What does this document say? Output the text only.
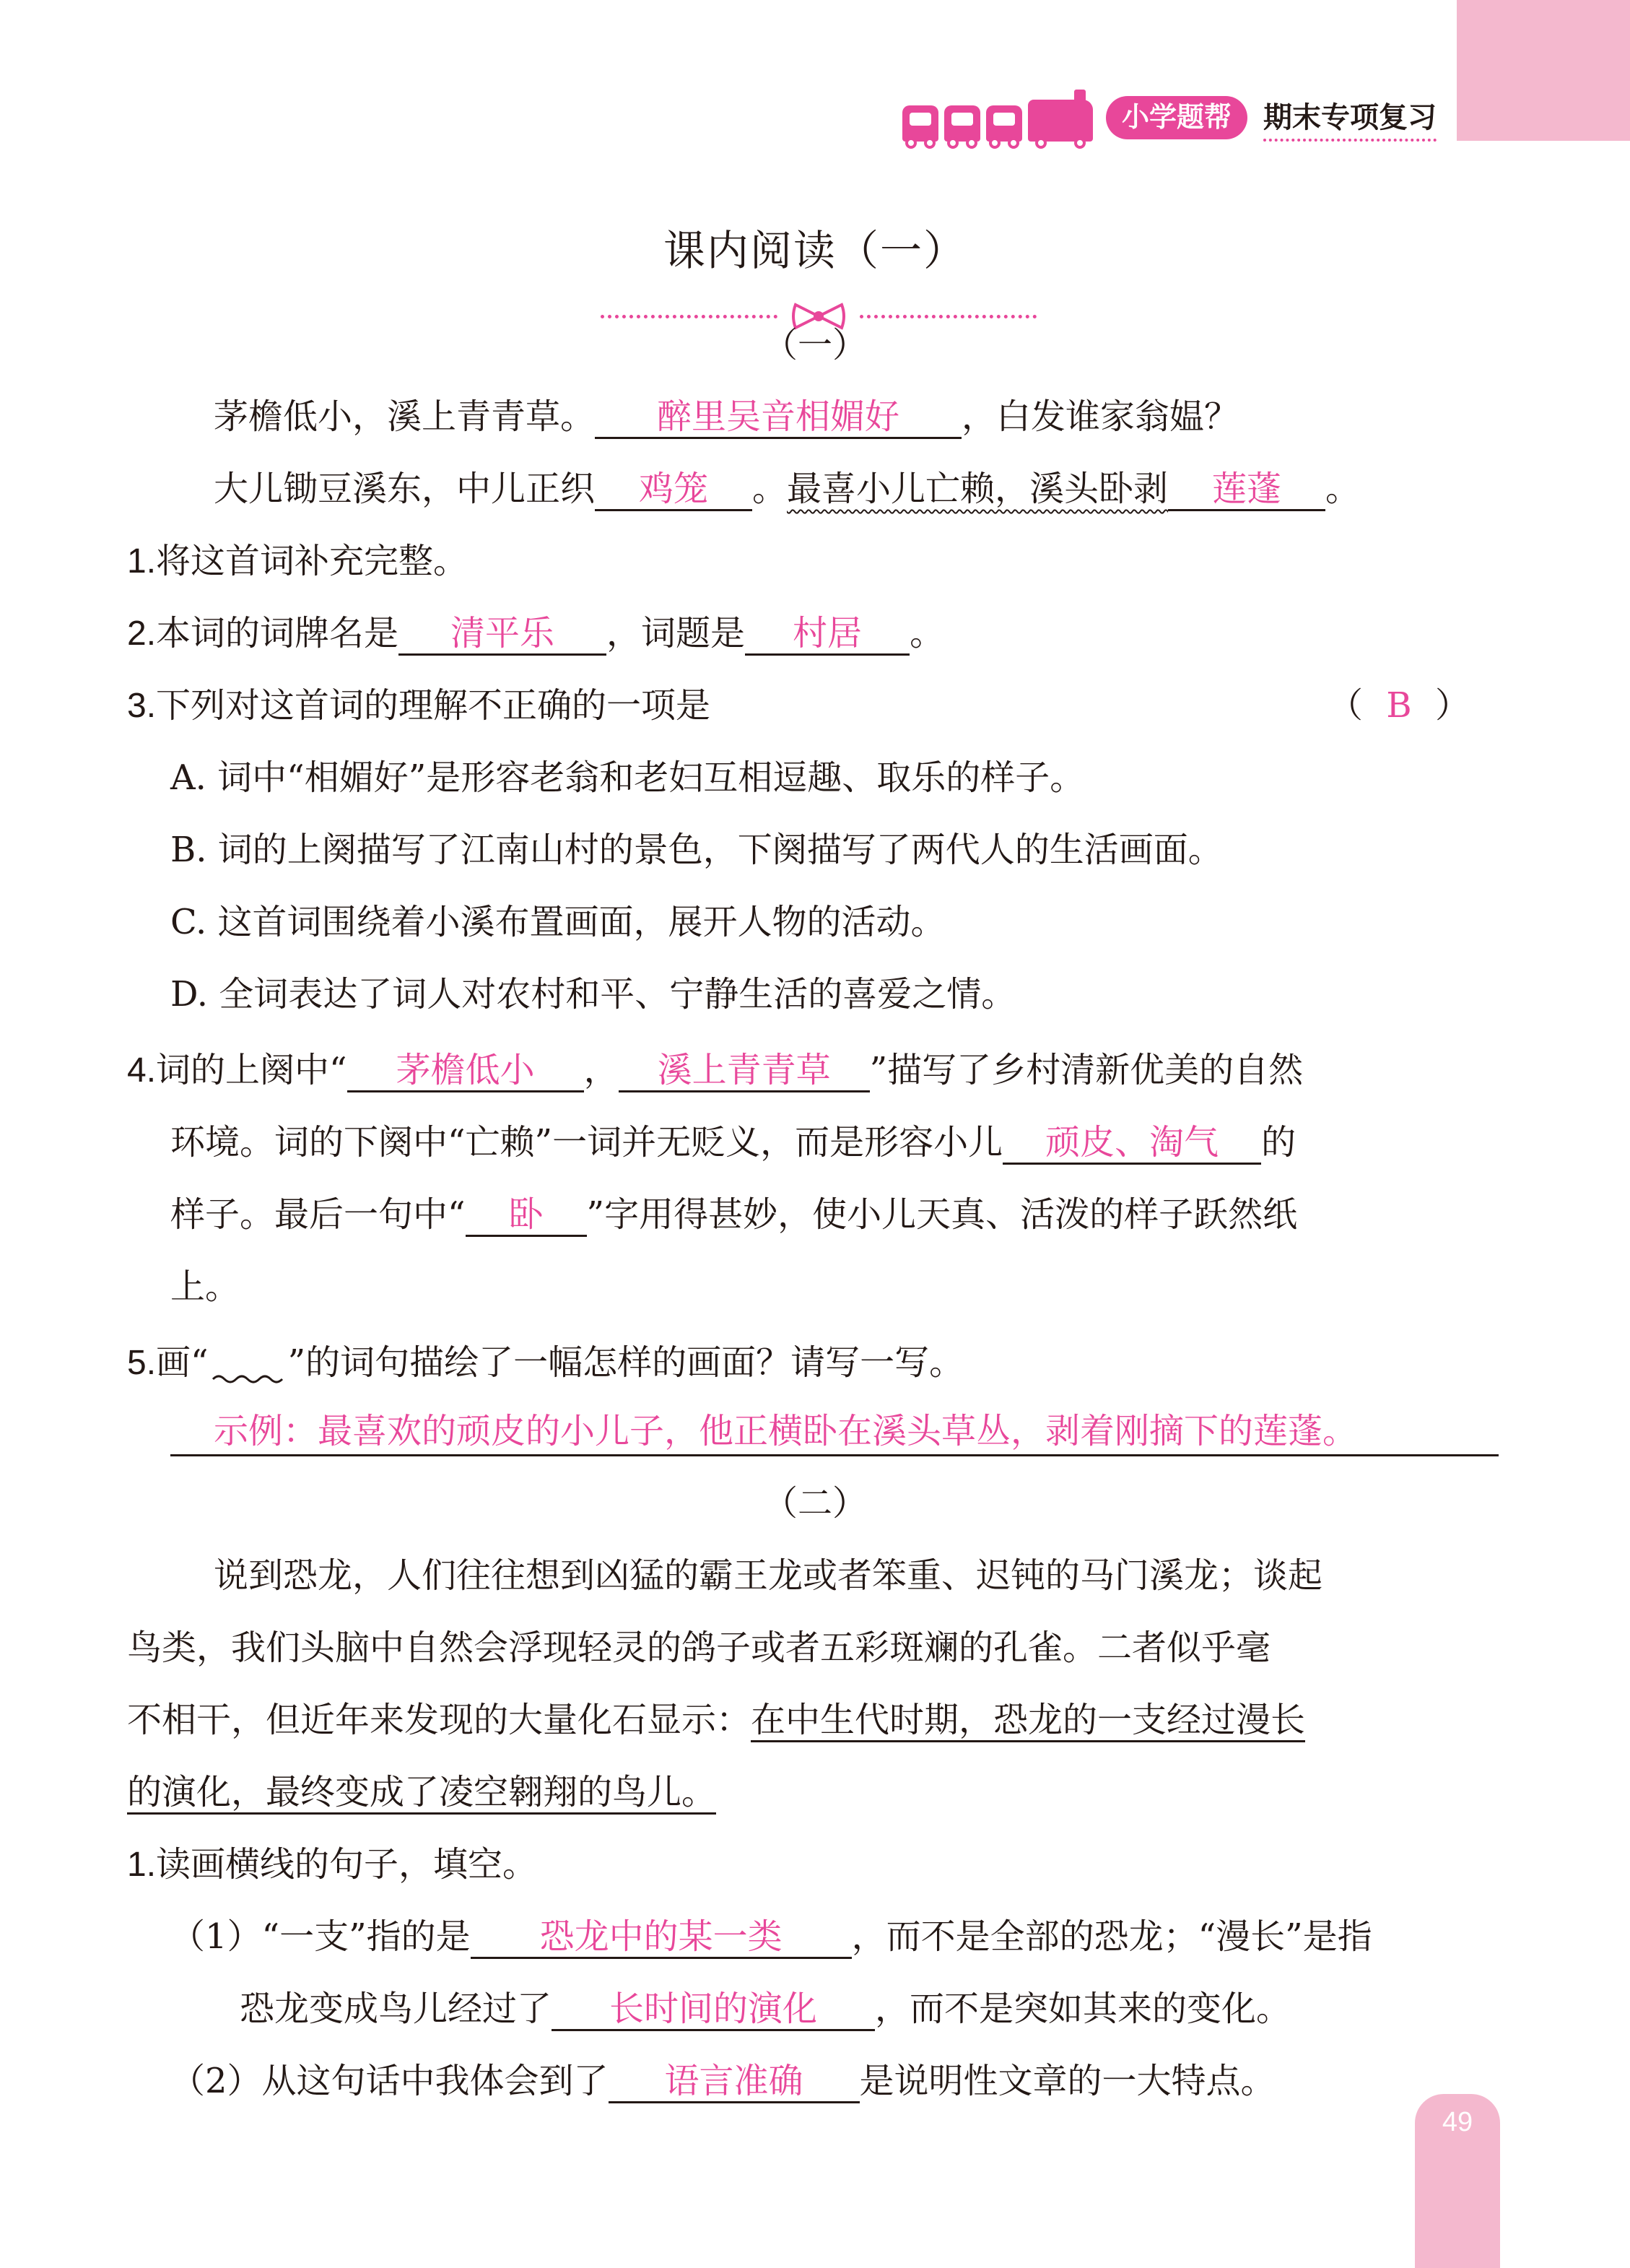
小学题帮	期末专项复习
课内阅读（一）
（一）
茅檐低小，溪上青青草。 醉里吴音相媚好 ，白发谁家翁媪？
大儿锄豆溪东，中儿正织 鸡笼 。最喜小儿亡赖，溪头卧剥 莲蓬 。
1.将这首词补充完整。
2.本词的词牌名是 清平乐 ，词题是 村居 。
3.下列对这首词的理解不正确的一项是	（ B ）
A. 词中“相媚好”是形容老翁和老妇互相逗趣、取乐的样子。
B. 词的上阕描写了江南山村的景色，下阕描写了两代人的生活画面。
C. 这首词围绕着小溪布置画面，展开人物的活动。
D. 全词表达了词人对农村和平、宁静生活的喜爱之情。
4.词的上阕中“ 茅檐低小 ， 溪上青青草 ”描写了乡村清新优美的自然
环境。词的下阕中“亡赖”一词并无贬义，而是形容小儿 顽皮、淘气 的
样子。最后一句中“ 卧 ”字用得甚妙，使小儿天真、活泼的样子跃然纸
上。
5.画“ ”的词句描绘了一幅怎样的画面？请写一写。
示例：最喜欢的顽皮的小儿子，他正横卧在溪头草丛，剥着刚摘下的莲蓬。
（二）
说到恐龙，人们往往想到凶猛的霸王龙或者笨重、迟钝的马门溪龙；谈起
鸟类，我们头脑中自然会浮现轻灵的鸽子或者五彩斑斓的孔雀。二者似乎毫
不相干，但近年来发现的大量化石显示：在中生代时期，恐龙的一支经过漫长
的演化，最终变成了凌空翱翔的鸟儿。
1.读画横线的句子，填空。
（1）“一支”指的是 恐龙中的某一类 ，而不是全部的恐龙；“漫长”是指
恐龙变成鸟儿经过了 长时间的演化 ，而不是突如其来的变化。
（2）从这句话中我体会到了 语言准确 是说明性文章的一大特点。
49
